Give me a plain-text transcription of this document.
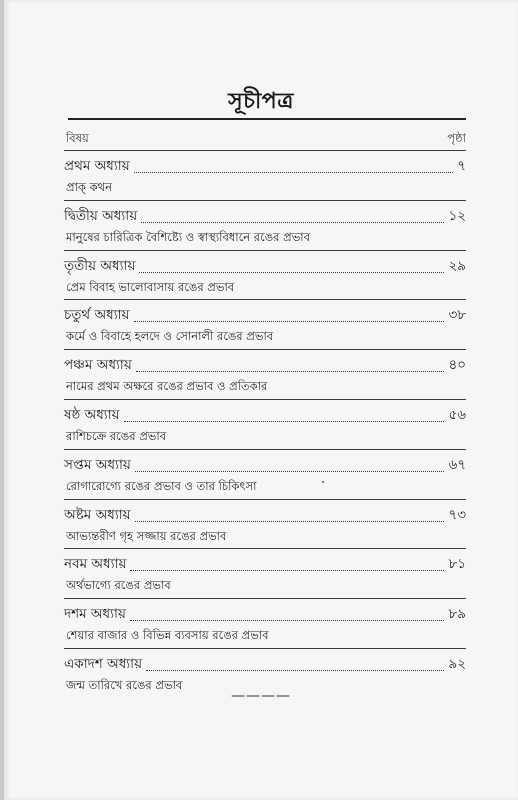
সূচীপত্র
বিষয়	পৃষ্ঠা
প্রথম অধ্যায়	৭
প্রাক্ কথন
দ্বিতীয় অধ্যায়	১২
মানুষের চারিত্রিক বৈশিষ্ট্যে ও স্বাস্থ্যবিধানে রঙের প্রভাব
তৃতীয় অধ্যায়	২৯
প্রেম বিবাহ ভালোবাসায় রঙের প্রভাব
চতুর্থ অধ্যায়	৩৮
কর্মে ও বিবাহে হলদে ও সোনালী রঙের প্রভাব
পঞ্চম অধ্যায়	৪০
নামের প্রথম অক্ষরে রঙের প্রভাব ও প্রতিকার
ষষ্ঠ অধ্যায়	৫৬
রাশিচক্রে রঙের প্রভাব
সপ্তম অধ্যায়	৬৭
রোগারোগ্যে রঙের প্রভাব ও তার চিকিৎসা
অষ্টম অধ্যায়	৭৩
আভ্যন্তরীণ গৃহ সজ্জায় রঙের প্রভাব
নবম অধ্যায়	৮১
অর্থভাগ্যে রঙের প্রভাব
দশম অধ্যায়	৮৯
শেয়ার বাজার ও বিভিন্ন ব্যবসায় রঙের প্রভাব
একাদশ অধ্যায়	৯২
জন্ম তারিখে রঙের প্রভাব
————
